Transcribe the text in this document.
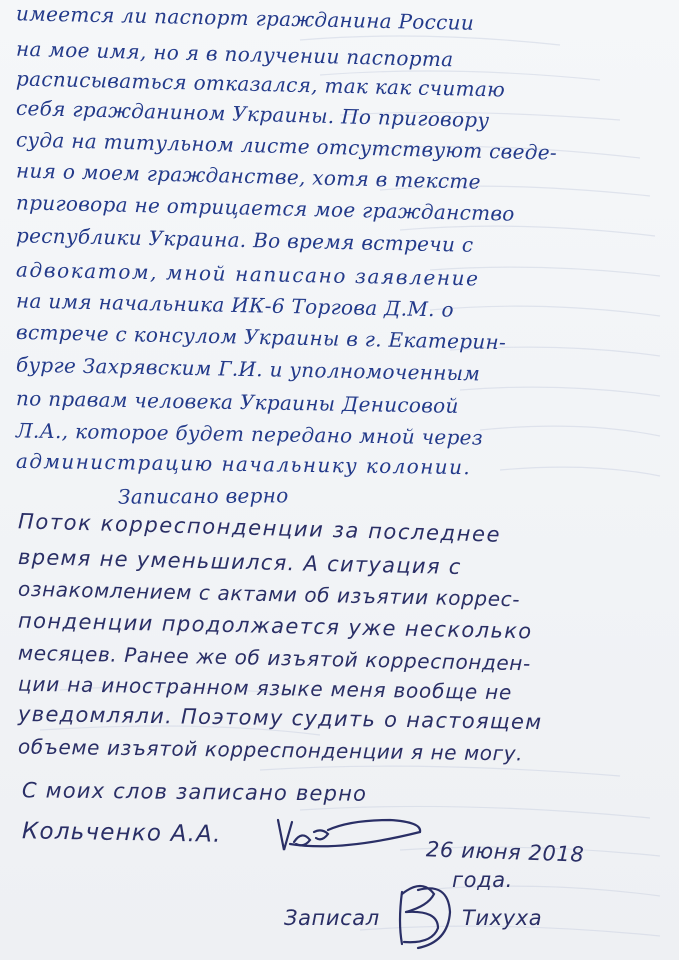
имеется ли паспорт гражданина России
на мое имя, но я в получении паспорта
расписываться отказался, так как считаю
себя гражданином Украины. По приговору
суда на титульном листе отсутствуют сведе-
ния о моем гражданстве, хотя в тексте
приговора не отрицается мое гражданство
республики Украина. Во время встречи с
адвокатом, мной написано заявление
на имя начальника ИК-6 Торгова Д.М. о
встрече с консулом Украины в г. Екатерин-
бурге Захрявским Г.И. и уполномоченным
по правам человека Украины Денисовой
Л.А., которое будет передано мной через
администрацию начальнику колонии.
Записано верно
Поток корреспонденции за последнее
время не уменьшился. А ситуация с
ознакомлением с актами об изъятии коррес-
понденции продолжается уже несколько
месяцев. Ранее же об изъятой корреспонден-
ции на иностранном языке меня вообще не
уведомляли. Поэтому судить о настоящем
объеме изъятой корреспонденции я не могу.
С моих слов записано верно
Кольченко А.А.
26 июня 2018
года.
Записал	Тихуха
